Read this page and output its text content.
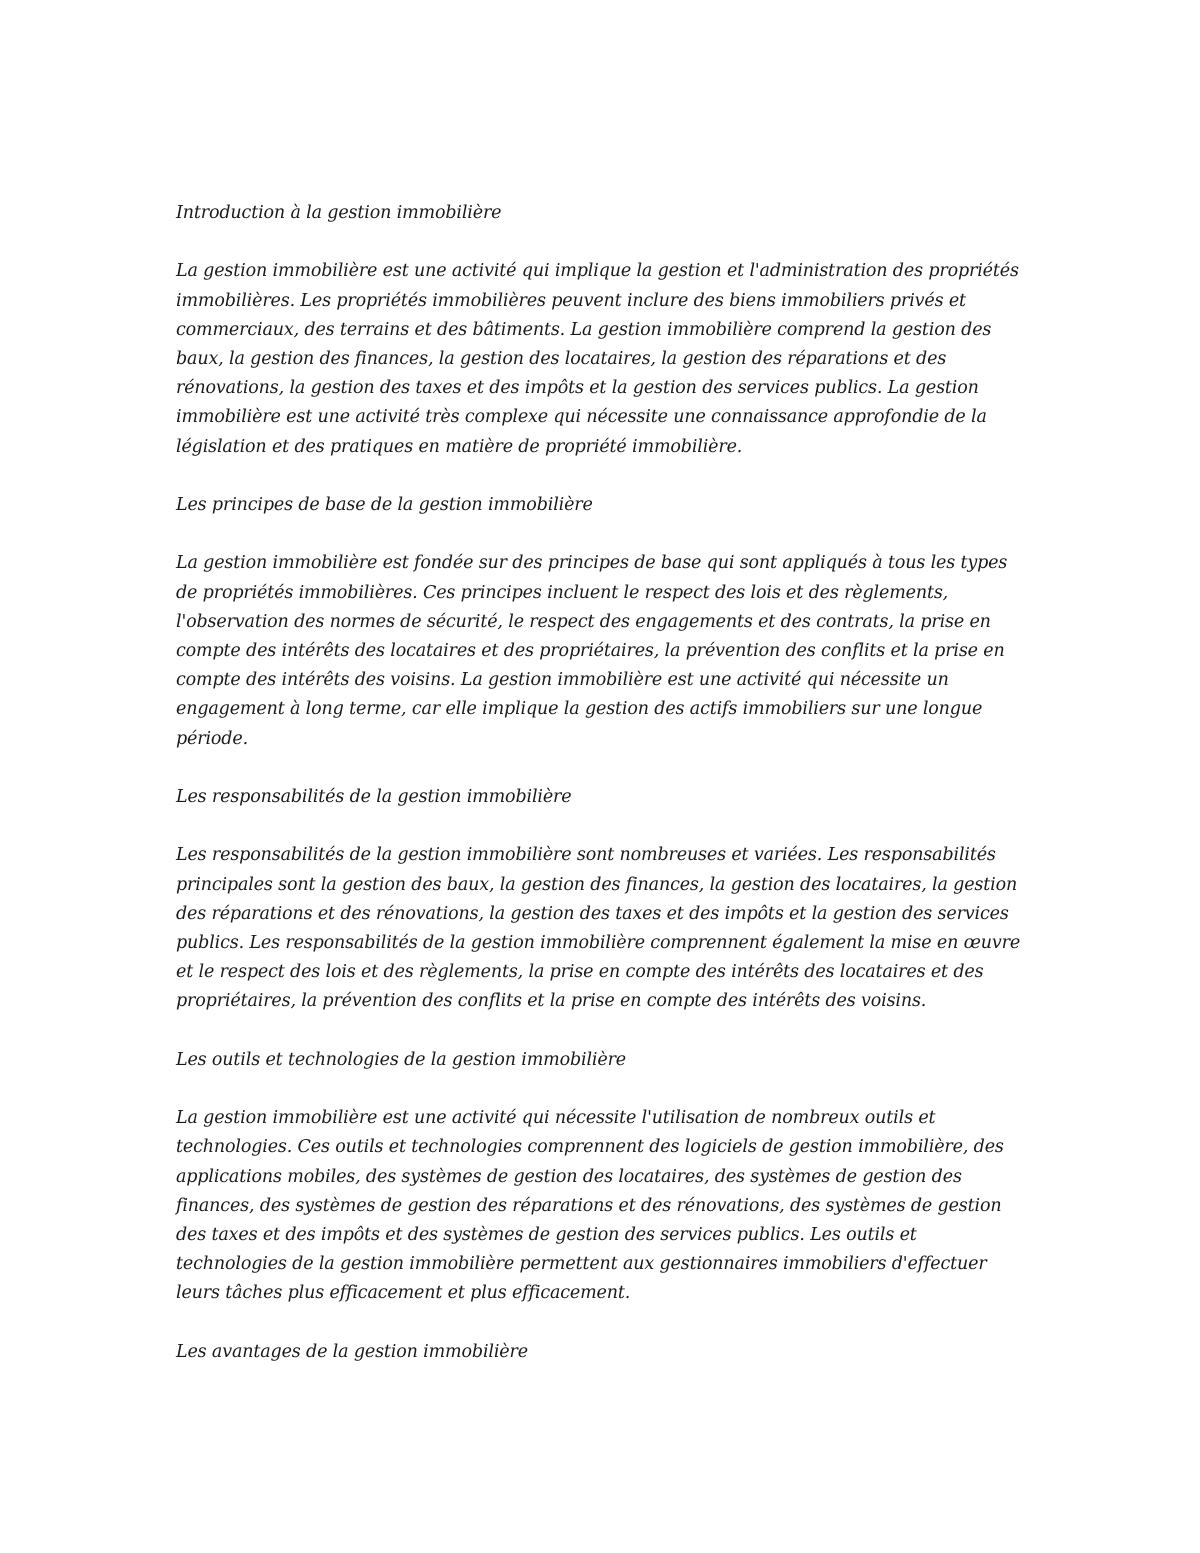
Introduction à la gestion immobilière

La gestion immobilière est une activité qui implique la gestion et l'administration des propriétés immobilières. Les propriétés immobilières peuvent inclure des biens immobiliers privés et commerciaux, des terrains et des bâtiments. La gestion immobilière comprend la gestion des baux, la gestion des finances, la gestion des locataires, la gestion des réparations et des rénovations, la gestion des taxes et des impôts et la gestion des services publics. La gestion immobilière est une activité très complexe qui nécessite une connaissance approfondie de la législation et des pratiques en matière de propriété immobilière.

Les principes de base de la gestion immobilière

La gestion immobilière est fondée sur des principes de base qui sont appliqués à tous les types de propriétés immobilières. Ces principes incluent le respect des lois et des règlements, l'observation des normes de sécurité, le respect des engagements et des contrats, la prise en compte des intérêts des locataires et des propriétaires, la prévention des conflits et la prise en compte des intérêts des voisins. La gestion immobilière est une activité qui nécessite un engagement à long terme, car elle implique la gestion des actifs immobiliers sur une longue période.

Les responsabilités de la gestion immobilière

Les responsabilités de la gestion immobilière sont nombreuses et variées. Les responsabilités principales sont la gestion des baux, la gestion des finances, la gestion des locataires, la gestion des réparations et des rénovations, la gestion des taxes et des impôts et la gestion des services publics. Les responsabilités de la gestion immobilière comprennent également la mise en œuvre et le respect des lois et des règlements, la prise en compte des intérêts des locataires et des propriétaires, la prévention des conflits et la prise en compte des intérêts des voisins.

Les outils et technologies de la gestion immobilière

La gestion immobilière est une activité qui nécessite l'utilisation de nombreux outils et technologies. Ces outils et technologies comprennent des logiciels de gestion immobilière, des applications mobiles, des systèmes de gestion des locataires, des systèmes de gestion des finances, des systèmes de gestion des réparations et des rénovations, des systèmes de gestion des taxes et des impôts et des systèmes de gestion des services publics. Les outils et technologies de la gestion immobilière permettent aux gestionnaires immobiliers d'effectuer leurs tâches plus efficacement et plus efficacement.

Les avantages de la gestion immobilière
